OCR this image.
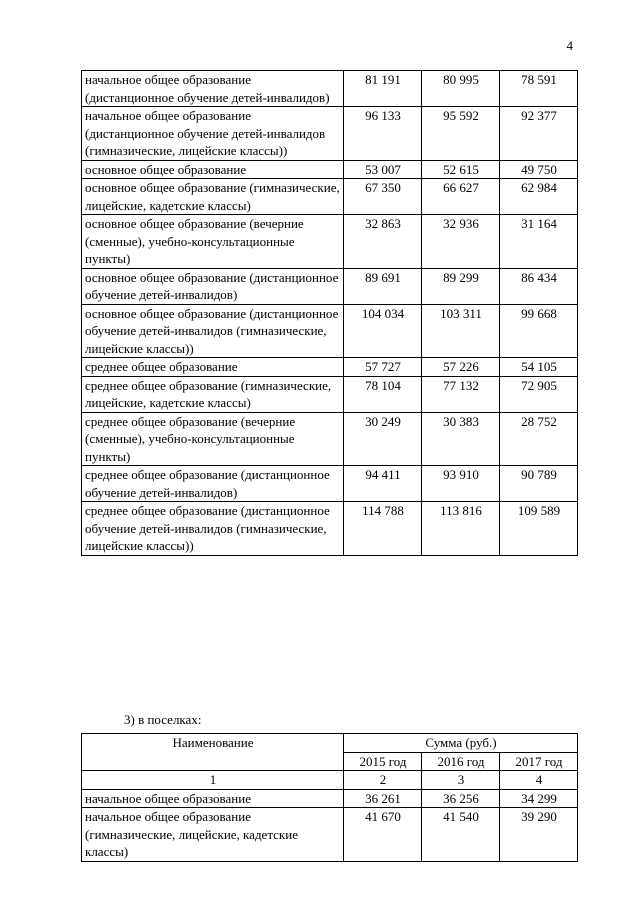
4
начальное общее образование (дистанционное обучение детей-инвалидов)	81 191	80 995	78 591
начальное общее образование (дистанционное обучение детей-инвалидов (гимназические, лицейские классы))	96 133	95 592	92 377
основное общее образование	53 007	52 615	49 750
основное общее образование (гимназические, лицейские, кадетские классы)	67 350	66 627	62 984
основное общее образование (вечерние (сменные), учебно-консультационные пункты)	32 863	32 936	31 164
основное общее образование (дистанционное обучение детей-инвалидов)	89 691	89 299	86 434
основное общее образование (дистанционное обучение детей-инвалидов (гимназические, лицейские классы))	104 034	103 311	99 668
среднее общее образование	57 727	57 226	54 105
среднее общее образование (гимназические, лицейские, кадетские классы)	78 104	77 132	72 905
среднее общее образование (вечерние (сменные), учебно-консультационные пункты)	30 249	30 383	28 752
среднее общее образование (дистанционное обучение детей-инвалидов)	94 411	93 910	90 789
среднее общее образование (дистанционное обучение детей-инвалидов (гимназические, лицейские классы))	114 788	113 816	109 589
3) в поселках:
Наименование	Сумма (руб.)		
	2015 год	2016 год	2017 год
1	2	3	4
начальное общее образование	36 261	36 256	34 299
начальное общее образование (гимназические, лицейские, кадетские классы)	41 670	41 540	39 290
